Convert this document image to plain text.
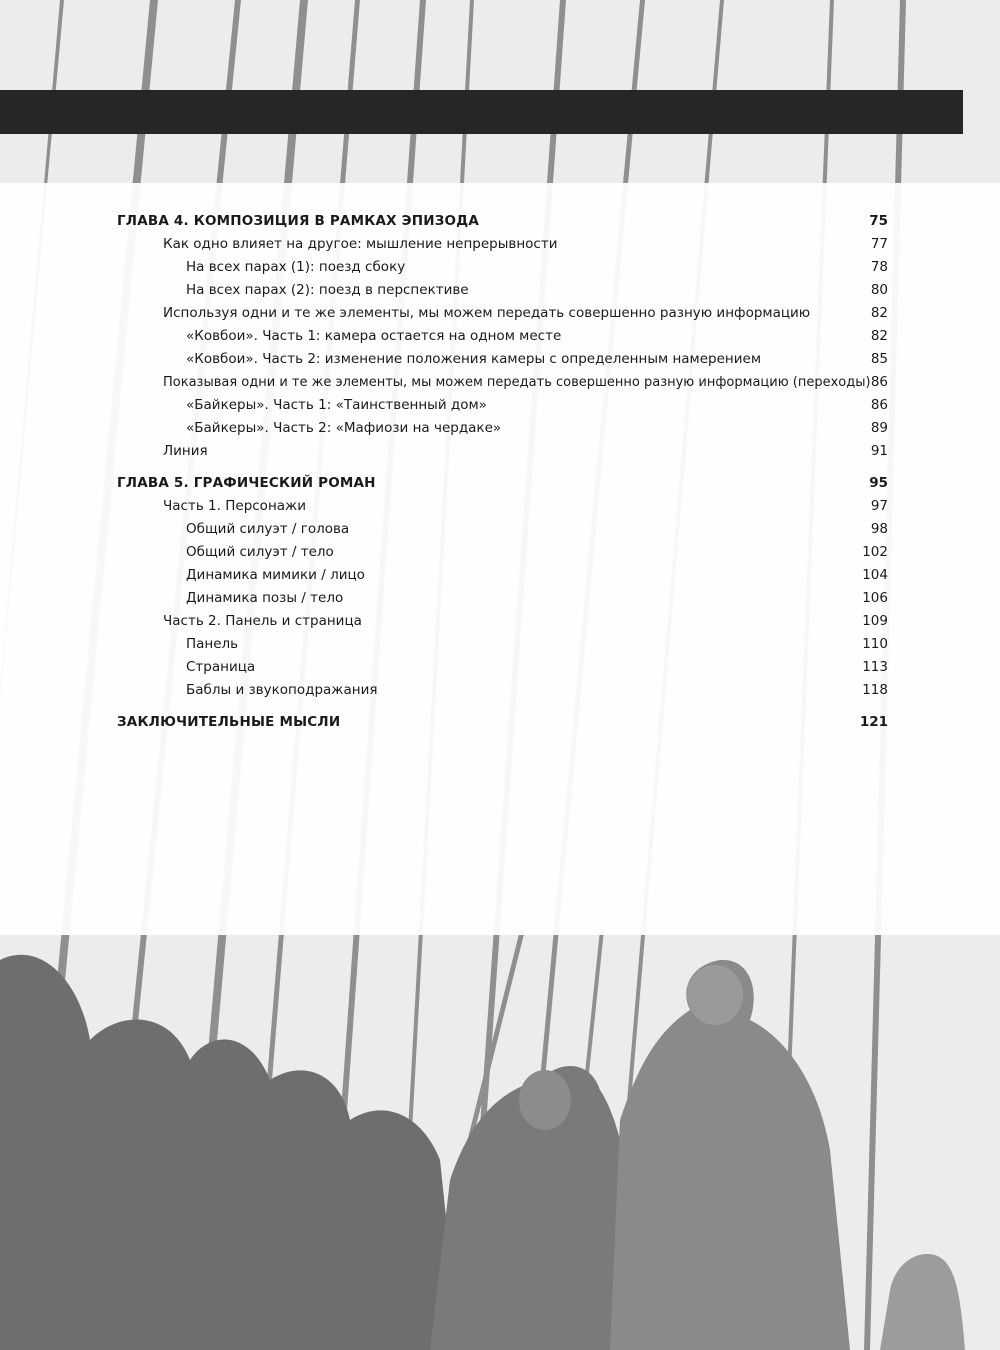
ГЛАВА 4. КОМПОЗИЦИЯ В РАМКАХ ЭПИЗОДА	75
Как одно влияет на другое: мышление непрерывности	77
На всех парах (1): поезд сбоку	78
На всех парах (2): поезд в перспективе	80
Используя одни и те же элементы, мы можем передать совершенно разную информацию	82
«Ковбои». Часть 1: камера остается на одном месте	82
«Ковбои». Часть 2: изменение положения камеры с определенным намерением	85
Показывая одни и те же элементы, мы можем передать совершенно разную информацию (переходы) 86
«Байкеры». Часть 1: «Таинственный дом»	86
«Байкеры». Часть 2: «Мафиози на чердаке»	89
Линия	91
ГЛАВА 5. ГРАФИЧЕСКИЙ РОМАН	95
Часть 1. Персонажи	97
Общий силуэт / голова	98
Общий силуэт / тело	102
Динамика мимики / лицо	104
Динамика позы / тело	106
Часть 2. Панель и страница	109
Панель	110
Страница	113
Баблы и звукоподражания	118
ЗАКЛЮЧИТЕЛЬНЫЕ МЫСЛИ	121
